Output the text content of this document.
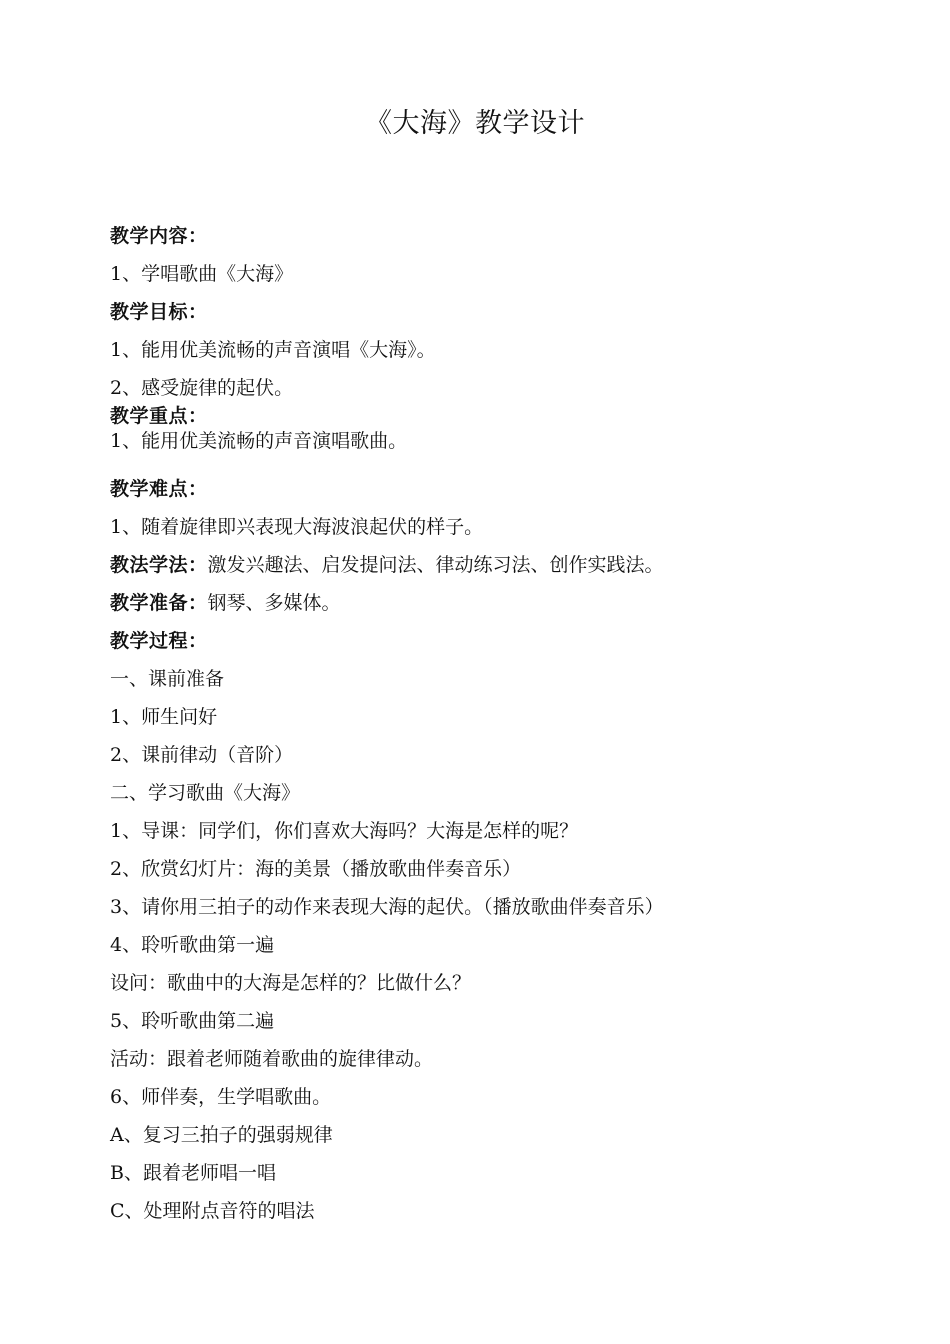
《大海》教学设计
教学内容：
1、学唱歌曲《大海》
教学目标：
1、能用优美流畅的声音演唱《大海》。
2、感受旋律的起伏。
教学重点：
1、能用优美流畅的声音演唱歌曲。
教学难点：
1、随着旋律即兴表现大海波浪起伏的样子。
教法学法：激发兴趣法、启发提问法、律动练习法、创作实践法。
教学准备：钢琴、多媒体。
教学过程：
一、课前准备
1、师生问好
2、课前律动（音阶）
二、学习歌曲《大海》
1、导课：同学们，你们喜欢大海吗？大海是怎样的呢？
2、欣赏幻灯片：海的美景（播放歌曲伴奏音乐）
3、请你用三拍子的动作来表现大海的起伏。（播放歌曲伴奏音乐）
4、聆听歌曲第一遍
设问：歌曲中的大海是怎样的？比做什么？
5、聆听歌曲第二遍
活动：跟着老师随着歌曲的旋律律动。
6、师伴奏，生学唱歌曲。
A、复习三拍子的强弱规律
B、跟着老师唱一唱
C、处理附点音符的唱法
